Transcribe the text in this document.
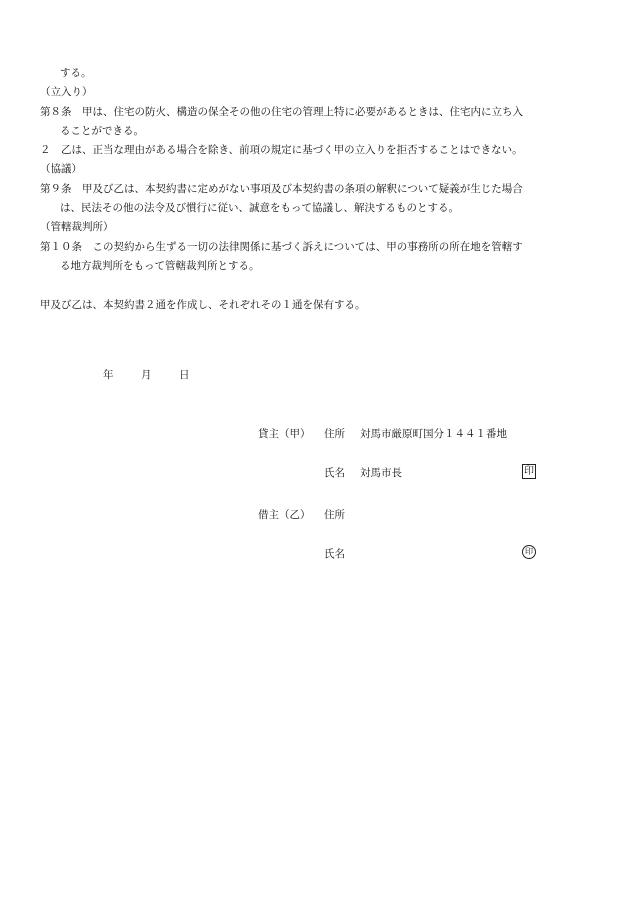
する。
（立入り）
第８条　甲は、住宅の防火、構造の保全その他の住宅の管理上特に必要があるときは、住宅内に立ち入
ることができる。
２　乙は、正当な理由がある場合を除き、前項の規定に基づく甲の立入りを拒否することはできない。
（協議）
第９条　甲及び乙は、本契約書に定めがない事項及び本契約書の条項の解釈について疑義が生じた場合
は、民法その他の法令及び慣行に従い、誠意をもって協議し、解決するものとする。
（管轄裁判所）
第１０条　この契約から生ずる一切の法律関係に基づく訴えについては、甲の事務所の所在地を管轄す
る地方裁判所をもって管轄裁判所とする。
甲及び乙は、本契約書２通を作成し、それぞれその１通を保有する。
年	月	日
貸主（甲） 住所 対馬市厳原町国分１４４１番地
氏名 対馬市長	印
借主（乙） 住所
氏名	印
